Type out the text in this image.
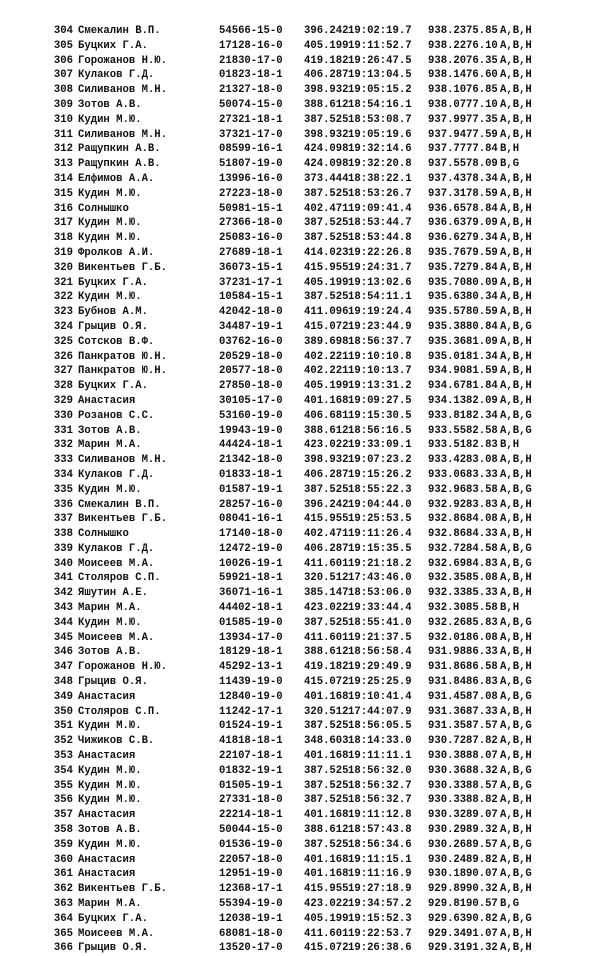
304 Смекалин В.П.	54566-15-0 396.242 19:02:19.7 938.23 75.85 A,B,H
305 Буцких Г.А.	17128-16-0 405.199 19:11:52.7 938.22 76.10 A,B,H
306 Горожанов Н.Ю.	21830-17-0 419.182 19:26:47.5 938.20 76.35 A,B,H
307 Кулаков Г.Д.	01823-18-1 406.287 19:13:04.5 938.14 76.60 A,B,H
308 Силиванов М.Н.	21327-18-0 398.932 19:05:15.2 938.10 76.85 A,B,H
309 Зотов А.В.	50074-15-0 388.612 18:54:16.1 938.07 77.10 A,B,H
310 Кудин М.Ю.	27321-18-1 387.525 18:53:08.7 937.99 77.35 A,B,H
311 Силиванов М.Н.	37321-17-0 398.932 19:05:19.6 937.94 77.59 A,B,H
312 Ращупкин А.В.	08599-16-1 424.098 19:32:14.6 937.77 77.84 B,H
313 Ращупкин А.В.	51807-19-0 424.098 19:32:20.8 937.55 78.09 B,G
314 Елфимов А.А.	13996-16-0 373.444 18:38:22.1 937.43 78.34 A,B,H
315 Кудин М.Ю.	27223-18-0 387.525 18:53:26.7 937.31 78.59 A,B,H
316 Солнышко	50981-15-1 402.471 19:09:41.4 936.65 78.84 A,B,H
317 Кудин М.Ю.	27366-18-0 387.525 18:53:44.7 936.63 79.09 A,B,H
318 Кудин М.Ю.	25083-16-0 387.525 18:53:44.8 936.62 79.34 A,B,H
319 Фролков А.И.	27689-18-1 414.023 19:22:26.8 935.76 79.59 A,B,H
320 Викентьев Г.Б.	36073-15-1 415.955 19:24:31.7 935.72 79.84 A,B,H
321 Буцких Г.А.	37231-17-1 405.199 19:13:02.6 935.70 80.09 A,B,H
322 Кудин М.Ю.	10584-15-1 387.525 18:54:11.1 935.63 80.34 A,B,H
323 Бубнов А.М.	42042-18-0 411.096 19:19:24.4 935.57 80.59 A,B,H
324 Грыцив О.Я.	34487-19-1 415.072 19:23:44.9 935.38 80.84 A,B,G
325 Сотсков В.Ф.	03762-16-0 389.698 18:56:37.7 935.36 81.09 A,B,H
326 Панкратов Ю.Н.	20529-18-0 402.221 19:10:10.8 935.01 81.34 A,B,H
327 Панкратов Ю.Н.	20577-18-0 402.221 19:10:13.7 934.90 81.59 A,B,H
328 Буцких Г.А.	27850-18-0 405.199 19:13:31.2 934.67 81.84 A,B,H
329 Анастасия	30105-17-0 401.168 19:09:27.5 934.13 82.09 A,B,H
330 Розанов С.С.	53160-19-0 406.681 19:15:30.5 933.81 82.34 A,B,G
331 Зотов А.В.	19943-19-0 388.612 18:56:16.5 933.55 82.58 A,B,G
332 Марин М.А.	44424-18-1 423.022 19:33:09.1 933.51 82.83 B,H
333 Силиванов М.Н.	21342-18-0 398.932 19:07:23.2 933.42 83.08 A,B,H
334 Кулаков Г.Д.	01833-18-1 406.287 19:15:26.2 933.06 83.33 A,B,H
335 Кудин М.Ю.	01587-19-1 387.525 18:55:22.3 932.96 83.58 A,B,G
336 Смекалин В.П.	28257-16-0 396.242 19:04:44.0 932.92 83.83 A,B,H
337 Викентьев Г.Б.	08041-16-1 415.955 19:25:53.5 932.86 84.08 A,B,H
338 Солнышко	17140-18-0 402.471 19:11:26.4 932.86 84.33 A,B,H
339 Кулаков Г.Д.	12472-19-0 406.287 19:15:35.5 932.72 84.58 A,B,G
340 Моисеев М.А.	10026-19-1 411.601 19:21:18.2 932.69 84.83 A,B,G
341 Столяров С.П.	59921-18-1 320.512 17:43:46.0 932.35 85.08 A,B,H
342 Яшутин А.Е.	36071-16-1 385.147 18:53:06.0 932.33 85.33 A,B,H
343 Марин М.А.	44402-18-1 423.022 19:33:44.4 932.30 85.58 B,H
344 Кудин М.Ю.	01585-19-0 387.525 18:55:41.0 932.26 85.83 A,B,G
345 Моисеев М.А.	13934-17-0 411.601 19:21:37.5 932.01 86.08 A,B,H
346 Зотов А.В.	18129-18-1 388.612 18:56:58.4 931.98 86.33 A,B,H
347 Горожанов Н.Ю.	45292-13-1 419.182 19:29:49.9 931.86 86.58 A,B,H
348 Грыцив О.Я.	11439-19-0 415.072 19:25:25.9 931.84 86.83 A,B,G
349 Анастасия	12840-19-0 401.168 19:10:41.4 931.45 87.08 A,B,G
350 Столяров С.П.	11242-17-1 320.512 17:44:07.9 931.36 87.33 A,B,H
351 Кудин М.Ю.	01524-19-1 387.525 18:56:05.5 931.35 87.57 A,B,G
352 Чижиков С.В.	41818-18-1 348.603 18:14:33.0 930.72 87.82 A,B,H
353 Анастасия	22107-18-1 401.168 19:11:11.1 930.38 88.07 A,B,H
354 Кудин М.Ю.	01832-19-1 387.525 18:56:32.0 930.36 88.32 A,B,G
355 Кудин М.Ю.	01505-19-1 387.525 18:56:32.7 930.33 88.57 A,B,G
356 Кудин М.Ю.	27331-18-0 387.525 18:56:32.7 930.33 88.82 A,B,H
357 Анастасия	22214-18-1 401.168 19:11:12.8 930.32 89.07 A,B,H
358 Зотов А.В.	50044-15-0 388.612 18:57:43.8 930.29 89.32 A,B,H
359 Кудин М.Ю.	01536-19-0 387.525 18:56:34.6 930.26 89.57 A,B,G
360 Анастасия	22057-18-0 401.168 19:11:15.1 930.24 89.82 A,B,H
361 Анастасия	12951-19-0 401.168 19:11:16.9 930.18 90.07 A,B,G
362 Викентьев Г.Б.	12368-17-1 415.955 19:27:18.9 929.89 90.32 A,B,H
363 Марин М.А.	55394-19-0 423.022 19:34:57.2 929.81 90.57 B,G
364 Буцких Г.А.	12038-19-1 405.199 19:15:52.3 929.63 90.82 A,B,G
365 Моисеев М.А.	68081-18-0 411.601 19:22:53.7 929.34 91.07 A,B,H
366 Грыцив О.Я.	13520-17-0 415.072 19:26:38.6 929.31 91.32 A,B,H
